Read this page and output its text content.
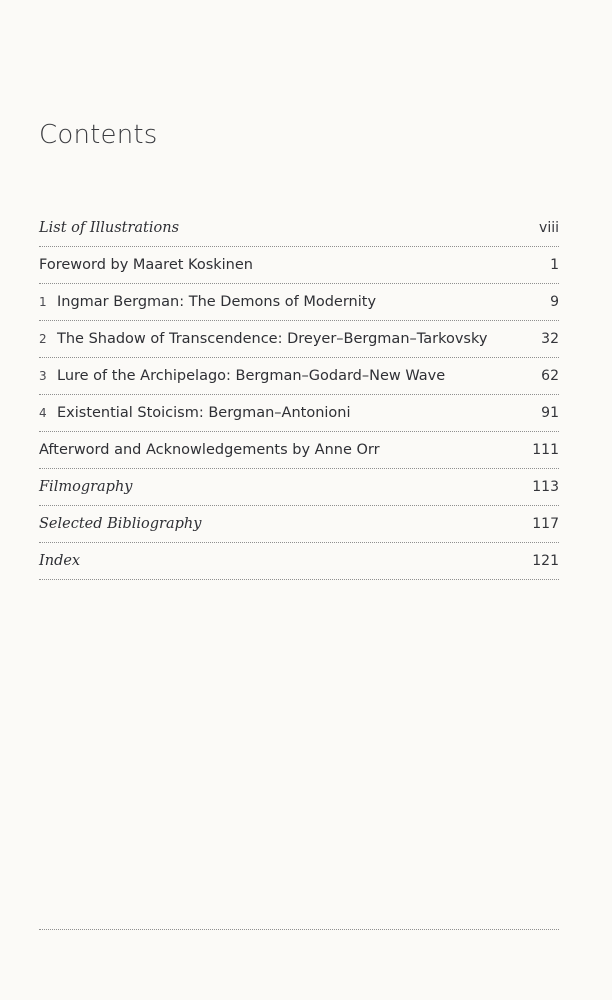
Contents
List of Illustrations	viii
Foreword by Maaret Koskinen	1
1 Ingmar Bergman: The Demons of Modernity	9
2 The Shadow of Transcendence: Dreyer–Bergman–Tarkovsky	32
3 Lure of the Archipelago: Bergman–Godard–New Wave	62
4 Existential Stoicism: Bergman–Antonioni	91
Afterword and Acknowledgements by Anne Orr	111
Filmography	113
Selected Bibliography	117
Index	121
